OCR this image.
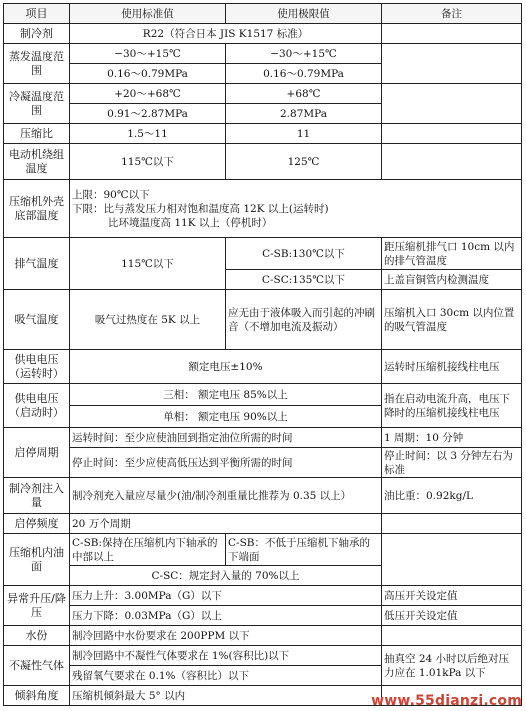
项目	使用标准值	使用极限值	备注
制冷剂	R22（符合日本 JIS K1517 标准）		
蒸发温度范围	−30～+15℃	−30～+15℃	
	0.16～0.79MPa	0.16～0.79MPa	
冷凝温度范围	+20～+68℃	+68℃	
	0.91～2.87MPa	2.87MPa	
压缩比	1.5～11	11	
电动机绕组温度	115℃以下	125℃	
压缩机外壳底部温度	上限：90℃以下
下限：比与蒸发压力相对饱和温度高 12K 以上(运转时)
比环境温度高 11K 以上（停机时）		

排气温度	115℃以下	C-SB:130℃以下	距压缩机排气口 10cm 以内的排气管温度
		C-SC:135℃以下	上盖盲铜管内检测温度
吸气温度	吸气过热度在 5K 以上	应无由于液体吸入而引起的冲刷音（不增加电流及振动）	压缩机入口 30cm 以内位置的吸气管温度
供电电压（运转时）	额定电压±10%		运转时压缩机接线柱电压
供电电压（启动时）	三相： 额定电压 85%以上		指在启动电流升高，电压下降时的压缩机接线柱电压
	单相： 额定电压 90%以上		
启停周期	运转时间：至少应使油回到指定油位所需的时间		1 周期：10 分钟
	停止时间：至少应使高低压达到平衡所需的时间		停止时间：以 3 分钟左右为标准
制冷剂注入量	制冷剂充入量应尽量少(油/制冷剂重量比推荐为 0.35 以上）		油比重：0.92kg/L
启停频度	20 万个周期		
压缩机内油面	C-SB:保持在压缩机内下轴承的中部以上	C-SB：不低于压缩机下轴承的下端面	
	C-SC：规定封入量的 70%以上		
异常升压/降压	压力上升：3.00MPa（G）以下		高压开关设定值
	压力下降：0.03MPa（G）以上		低压开关设定值
水份	制冷回路中水份要求在 200PPM 以下		
不凝性气体	制冷回路中不凝性气体要求在 1%(容积比)以下		抽真空 24 小时以后绝对压力应在 1.01kPa 以下
	残留氧气要求在 0.1%（容积比）以下		
倾斜角度	压缩机倾斜最大 5° 以内			www.55dianzi.com
